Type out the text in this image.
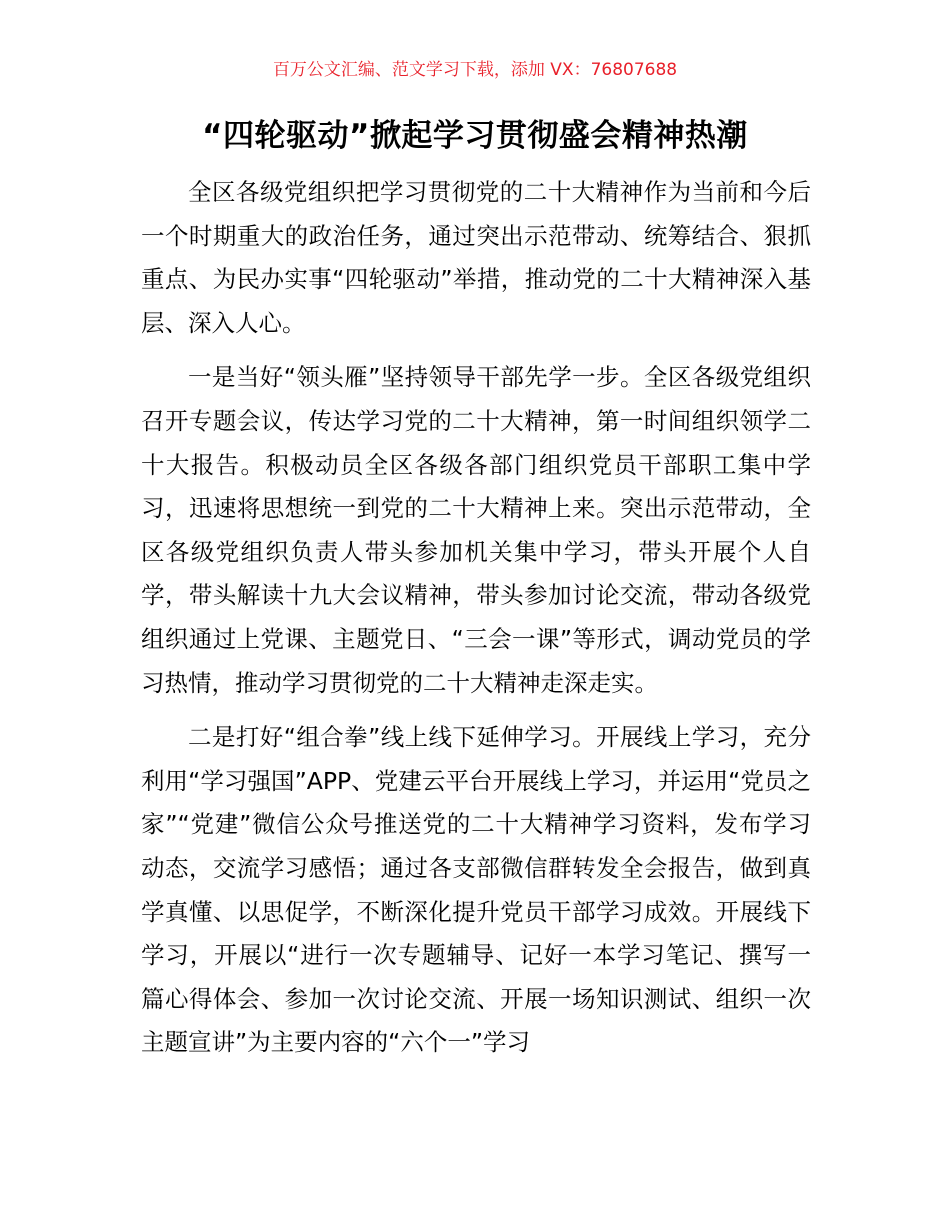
百万公文汇编、范文学习下载，添加 VX：76807688
“四轮驱动”掀起学习贯彻盛会精神热潮

全区各级党组织把学习贯彻党的二十大精神作为当前和今后一个时期重大的政治任务，通过突出示范带动、统筹结合、狠抓重点、为民办实事“四轮驱动”举措，推动党的二十大精神深入基层、深入人心。

一是当好“领头雁”坚持领导干部先学一步。全区各级党组织召开专题会议，传达学习党的二十大精神，第一时间组织领学二十大报告。积极动员全区各级各部门组织党员干部职工集中学习，迅速将思想统一到党的二十大精神上来。突出示范带动，全区各级党组织负责人带头参加机关集中学习，带头开展个人自学，带头解读十九大会议精神，带头参加讨论交流，带动各级党组织通过上党课、主题党日、“三会一课”等形式，调动党员的学习热情，推动学习贯彻党的二十大精神走深走实。

二是打好“组合拳”线上线下延伸学习。开展线上学习，充分利用“学习强国”APP、党建云平台开展线上学习，并运用“党员之家”“党建”微信公众号推送党的二十大精神学习资料，发布学习动态，交流学习感悟；通过各支部微信群转发全会报告，做到真学真懂、以思促学，不断深化提升党员干部学习成效。开展线下学习，开展以“进行一次专题辅导、记好一本学习笔记、撰写一篇心得体会、参加一次讨论交流、开展一场知识测试、组织一次主题宣讲”为主要内容的“六个一”学习
